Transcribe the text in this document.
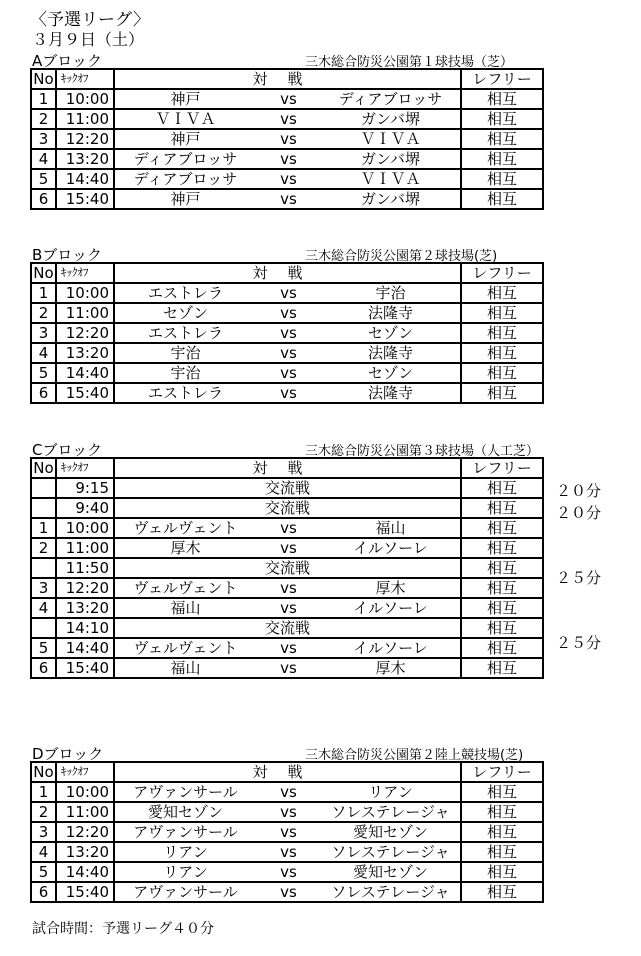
〈予選リーグ〉
３月９日（土）
Aブロック	三木総合防災公園第１球技場（芝）
No	ｷｯｸｵﾌ	対戦			レフリー
1	10:00	神戸	vs	ディアブロッサ	相互
2	11:00	ＶＩＶＡ	vs	ガンバ堺	相互
3	12:20	神戸	vs	ＶＩＶＡ	相互
4	13:20	ディアブロッサ	vs	ガンバ堺	相互
5	14:40	ディアブロッサ	vs	ＶＩＶＡ	相互
6	15:40	神戸	vs	ガンバ堺	相互
Bブロック	三木総合防災公園第２球技場(芝)
No	ｷｯｸｵﾌ	対戦			レフリー
1	10:00	エストレラ	vs	宇治	相互
2	11:00	セゾン	vs	法隆寺	相互
3	12:20	エストレラ	vs	セゾン	相互
4	13:20	宇治	vs	法隆寺	相互
5	14:40	宇治	vs	セゾン	相互
6	15:40	エストレラ	vs	法隆寺	相互
Cブロック	三木総合防災公園第３球技場（人工芝）
２０分
２０分
２５分
２５分
No	ｷｯｸｵﾌ	対戦			レフリー
	9:15	交流戦			相互
	9:40	交流戦			相互
1	10:00	ヴェルヴェント	vs	福山	相互
2	11:00	厚木	vs	イルソーレ	相互
	11:50	交流戦			相互
3	12:20	ヴェルヴェント	vs	厚木	相互
4	13:20	福山	vs	イルソーレ	相互
	14:10	交流戦			相互
5	14:40	ヴェルヴェント	vs	イルソーレ	相互
6	15:40	福山	vs	厚木	相互
Dブロック	三木総合防災公園第２陸上競技場(芝)
No	ｷｯｸｵﾌ	対戦			レフリー
1	10:00	アヴァンサール	vs	リアン	相互
2	11:00	愛知セゾン	vs	ソレステレージャ	相互
3	12:20	アヴァンサール	vs	愛知セゾン	相互
4	13:20	リアン	vs	ソレステレージャ	相互
5	14:40	リアン	vs	愛知セゾン	相互
6	15:40	アヴァンサール	vs	ソレステレージャ	相互
試合時間：予選リーグ４０分
